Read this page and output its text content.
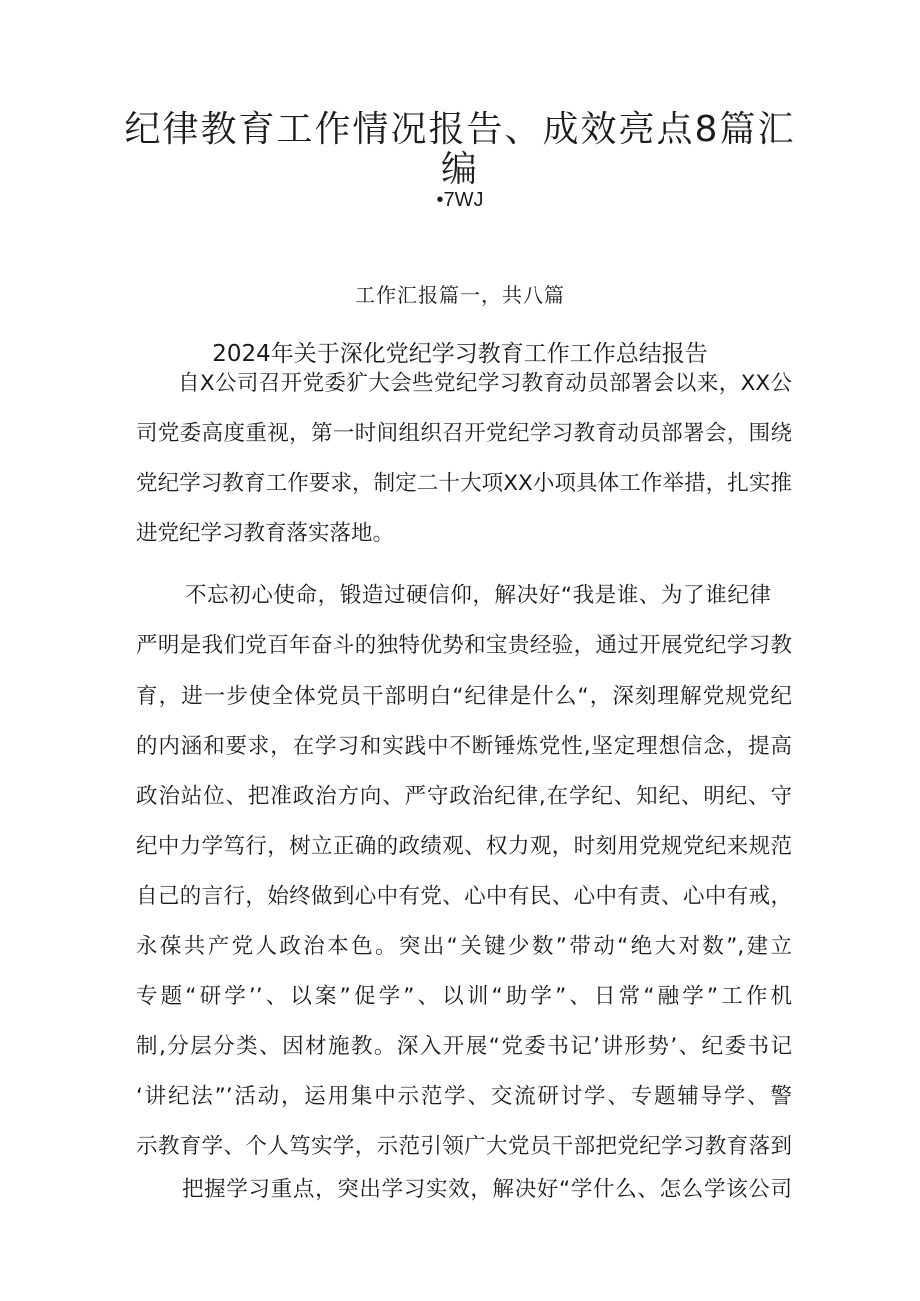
纪律教育工作情况报告、成效亮点8篇汇
编
•7WJ
工作汇报篇一，共八篇
2024年关于深化党纪学习教育工作工作总结报告
自X公司召开党委犷大会些党纪学习教育动员部署会以来，XX公
司党委高度重视，第一时间组织召开党纪学习教育动员部署会，围绕
党纪学习教育工作要求，制定二十大项XX小项具体工作举措，扎实推
进党纪学习教育落实落地。
不忘初心使命，锻造过硬信仰，解决好“我是谁、为了谁纪律
严明是我们党百年奋斗的独特优势和宝贵经验，通过开展党纪学习教
育，进一步使全体党员干部明白“纪律是什么“，深刻理解党规党纪
的内涵和要求，在学习和实践中不断锤炼党性,坚定理想信念，提高
政治站位、把准政治方向、严守政治纪律,在学纪、知纪、明纪、守
纪中力学笃行，树立正确的政绩观、权力观，时刻用党规党纪来规范
自己的言行，始终做到心中有党、心中有民、心中有责、心中有戒，
永葆共产党人政治本色。突出“关键少数”带动“绝大对数”,建立
专题“研学’’、以案”促学”、以训“助学”、日常“融学”工作机
制,分层分类、因材施教。深入开展“党委书记’讲形势’、纪委书记
‘讲纪法”’活动，运用集中示范学、交流研讨学、专题辅导学、警
示教育学、个人笃实学，示范引领广大党员干部把党纪学习教育落到
把握学习重点，突出学习实效，解决好“学什么、怎么学该公司
